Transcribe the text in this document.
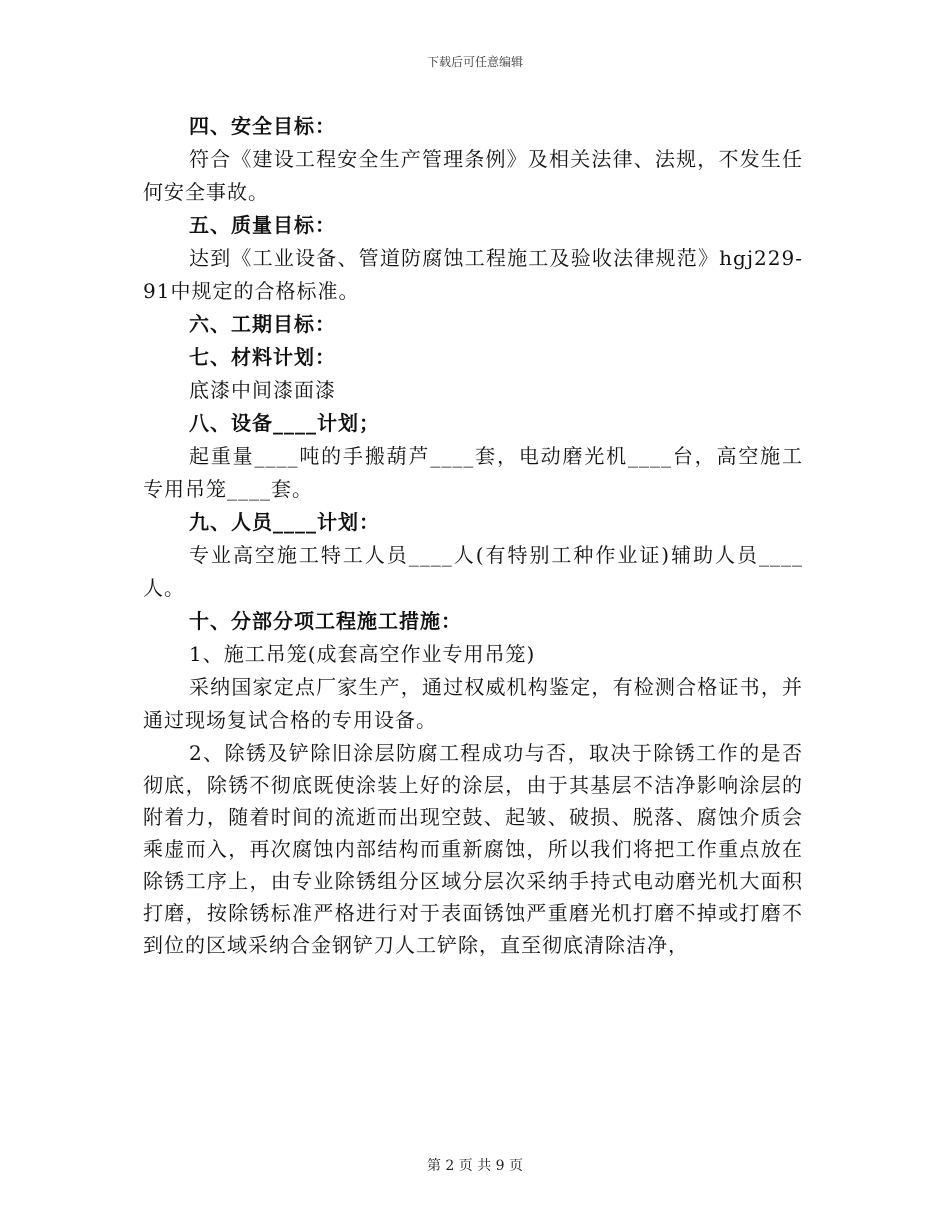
下载后可任意编辑

四、安全目标：

符合《建设工程安全生产管理条例》及相关法律、法规，不发生任何安全事故。

五、质量目标：

达到《工业设备、管道防腐蚀工程施工及验收法律规范》hgj229-91中规定的合格标准。

六、工期目标：

七、材料计划：

底漆中间漆面漆

八、设备____计划；

起重量____吨的手搬葫芦____套，电动磨光机____台，高空施工专用吊笼____套。

九、人员____计划：

专业高空施工特工人员____人(有特别工种作业证)辅助人员____人。

十、分部分项工程施工措施：

1、施工吊笼(成套高空作业专用吊笼)

采纳国家定点厂家生产，通过权威机构鉴定，有检测合格证书，并通过现场复试合格的专用设备。

2、除锈及铲除旧涂层防腐工程成功与否，取决于除锈工作的是否彻底，除锈不彻底既使涂装上好的涂层，由于其基层不洁净影响涂层的附着力，随着时间的流逝而出现空鼓、起皱、破损、脱落、腐蚀介质会乘虚而入，再次腐蚀内部结构而重新腐蚀，所以我们将把工作重点放在除锈工序上，由专业除锈组分区域分层次采纳手持式电动磨光机大面积打磨，按除锈标准严格进行对于表面锈蚀严重磨光机打磨不掉或打磨不到位的区域采纳合金钢铲刀人工铲除，直至彻底清除洁净，

第 2 页 共 9 页
